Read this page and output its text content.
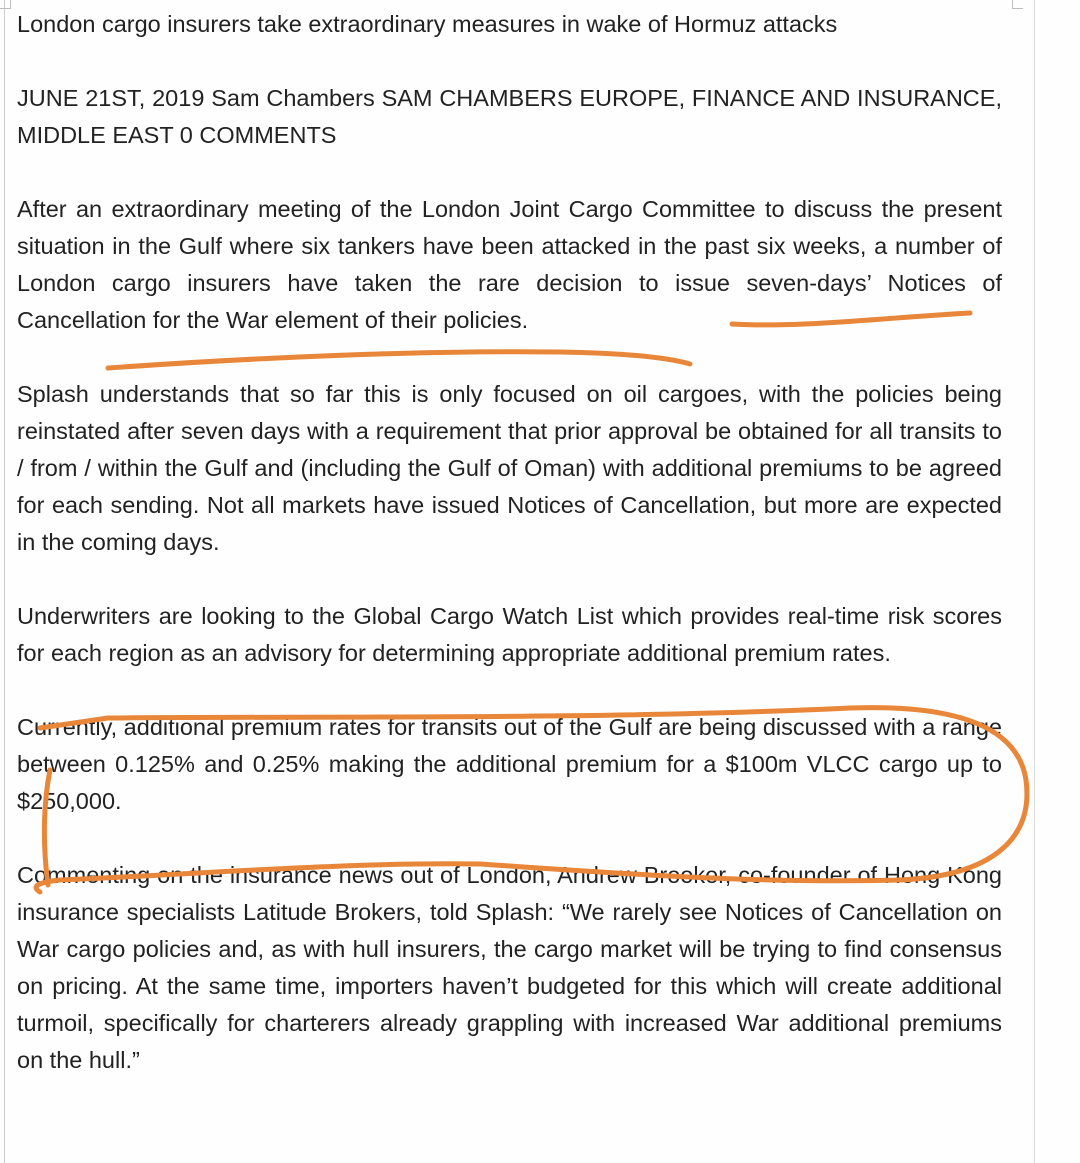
London cargo insurers take extraordinary measures in wake of Hormuz attacks

JUNE 21ST, 2019 Sam Chambers SAM CHAMBERS EUROPE, FINANCE AND INSURANCE, MIDDLE EAST 0 COMMENTS

After an extraordinary meeting of the London Joint Cargo Committee to discuss the present situation in the Gulf where six tankers have been attacked in the past six weeks, a number of London cargo insurers have taken the rare decision to issue seven-days’ Notices of Cancellation for the War element of their policies.

Splash understands that so far this is only focused on oil cargoes, with the policies being reinstated after seven days with a requirement that prior approval be obtained for all transits to / from / within the Gulf and (including the Gulf of Oman) with additional premiums to be agreed for each sending. Not all markets have issued Notices of Cancellation, but more are expected in the coming days.

Underwriters are looking to the Global Cargo Watch List which provides real-time risk scores for each region as an advisory for determining appropriate additional premium rates.

Currently, additional premium rates for transits out of the Gulf are being discussed with a range between 0.125% and 0.25% making the additional premium for a $100m VLCC cargo up to $250,000.

Commenting on the insurance news out of London, Andrew Brooker, co-founder of Hong Kong insurance specialists Latitude Brokers, told Splash: “We rarely see Notices of Cancellation on War cargo policies and, as with hull insurers, the cargo market will be trying to find consensus on pricing. At the same time, importers haven’t budgeted for this which will create additional turmoil, specifically for charterers already grappling with increased War additional premiums on the hull.”
